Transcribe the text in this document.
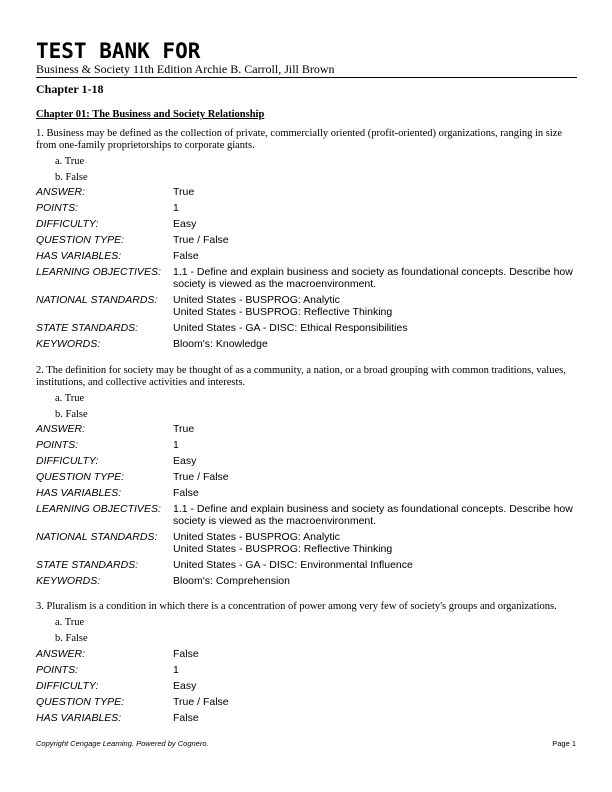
TEST BANK FOR
Business & Society 11th Edition Archie B. Carroll, Jill Brown
Chapter 1-18
Chapter 01: The Business and Society Relationship

1. Business may be defined as the collection of private, commercially oriented (profit-oriented) organizations, ranging in size from one-family proprietorships to corporate giants.

a. True
b. False
ANSWER:	True
POINTS:	1
DIFFICULTY:	Easy
QUESTION TYPE:	True / False
HAS VARIABLES:	False
LEARNING OBJECTIVES:	1.1 - Define and explain business and society as foundational concepts. Describe how society is viewed as the macroenvironment.
NATIONAL STANDARDS:	United States - BUSPROG: Analytic
United States - BUSPROG: Reflective Thinking
STATE STANDARDS:	United States - GA - DISC: Ethical Responsibilities
KEYWORDS:	Bloom's: Knowledge

2. The definition for society may be thought of as a community, a nation, or a broad grouping with common traditions, values, institutions, and collective activities and interests.

a. True
b. False
ANSWER:	True
POINTS:	1
DIFFICULTY:	Easy
QUESTION TYPE:	True / False
HAS VARIABLES:	False
LEARNING OBJECTIVES:	1.1 - Define and explain business and society as foundational concepts. Describe how society is viewed as the macroenvironment.
NATIONAL STANDARDS:	United States - BUSPROG: Analytic
United States - BUSPROG: Reflective Thinking
STATE STANDARDS:	United States - GA - DISC: Environmental Influence
KEYWORDS:	Bloom's: Comprehension

3. Pluralism is a condition in which there is a concentration of power among very few of society's groups and organizations.

a. True
b. False
ANSWER:	False
POINTS:	1
DIFFICULTY:	Easy
QUESTION TYPE:	True / False
HAS VARIABLES:	False
Copyright Cengage Learning. Powered by Cognero.	Page 1
